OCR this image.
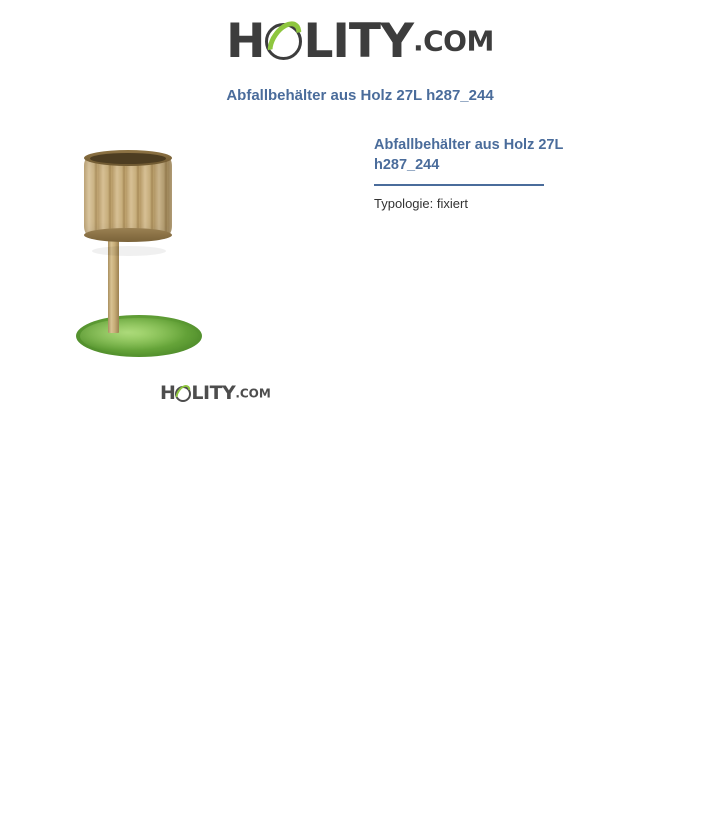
H LITY.COM
Abfallbehälter aus Holz 27L h287_244
H LITY.COM
Abfallbehälter aus Holz 27L h287_244
Typologie: fixiert
